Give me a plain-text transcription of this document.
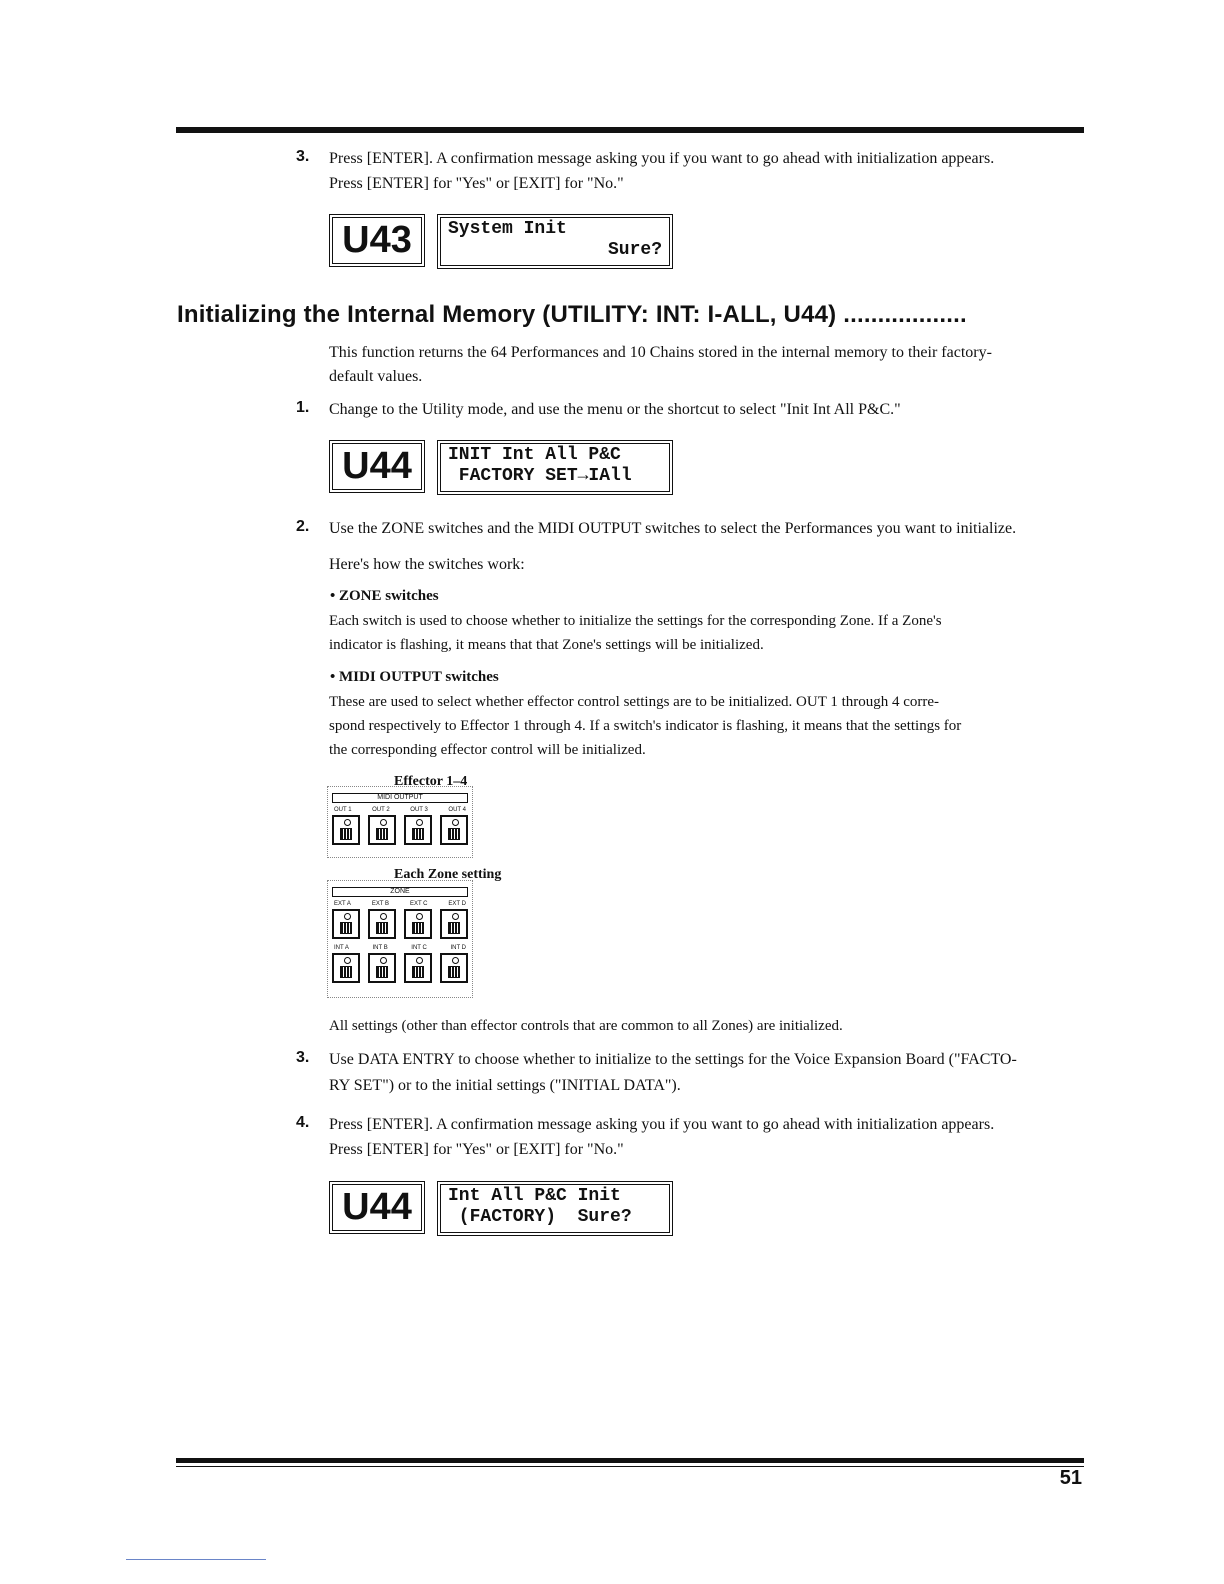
3. Press [ENTER]. A confirmation message asking you if you want to go ahead with initialization appears.

Press [ENTER] for "Yes" or [EXIT] for "No."

U43	System Init
Sure?
Initializing the Internal Memory (UTILITY: INT: I-ALL, U44) ..................

This function returns the 64 Performances and 10 Chains stored in the internal memory to their factory-

default values.

1. Change to the Utility mode, and use the menu or the shortcut to select "Init Int All P&C."

U44	INIT Int All P&C
FACTORY SET→IAll
2. Use the ZONE switches and the MIDI OUTPUT switches to select the Performances you want to initialize.

Here's how the switches work:

• ZONE switches

Each switch is used to choose whether to initialize the settings for the corresponding Zone. If a Zone's

indicator is flashing, it means that that Zone's settings will be initialized.

• MIDI OUTPUT switches

These are used to select whether effector control settings are to be initialized. OUT 1 through 4 corre-

spond respectively to Effector 1 through 4. If a switch's indicator is flashing, it means that the settings for

the corresponding effector control will be initialized.

Effector 1–4
MIDI OUTPUT
OUT 1	OUT 2	OUT 3	OUT 4
Each Zone setting
ZONE
EXT A	EXT B	EXT C	EXT D
INT A	INT B	INT C	INT D

All settings (other than effector controls that are common to all Zones) are initialized.

3. Use DATA ENTRY to choose whether to initialize to the settings for the Voice Expansion Board ("FACTO-

RY SET") or to the initial settings ("INITIAL DATA").

4. Press [ENTER]. A confirmation message asking you if you want to go ahead with initialization appears.

Press [ENTER] for "Yes" or [EXIT] for "No."

U44	Int All P&C Init
(FACTORY)  Sure?
51
